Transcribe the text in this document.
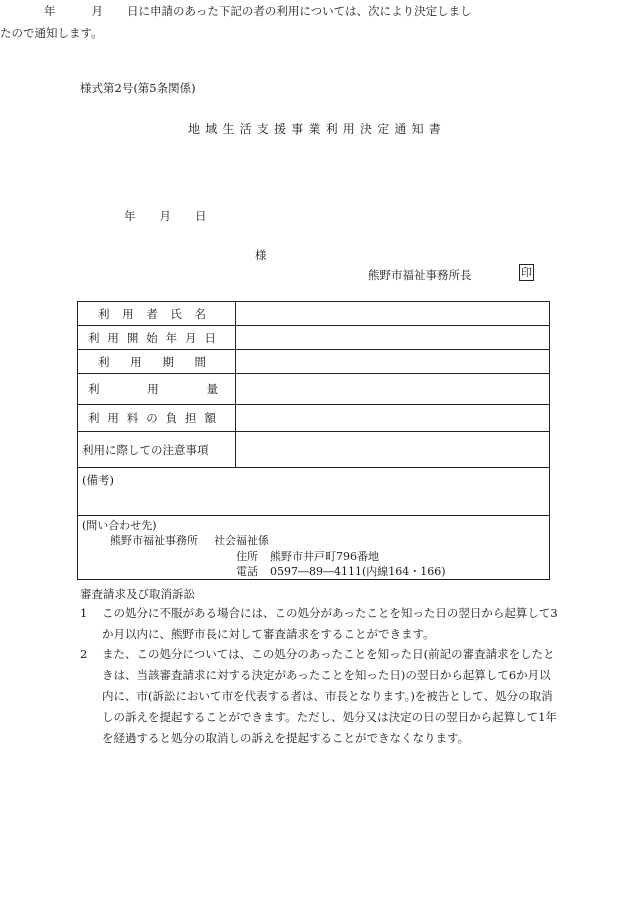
様式第2号(第5条関係)
地域生活支援事業利用決定通知書
年	月 日に申請のあった下記の者の利用については、次により決定しましたので通知します。
年 月 日
様
熊野市福祉事務所長	印
利 用 者 氏 名
利 用 開 始 年 月 日
利 用 期 間
利	用	量
利 用 料 の 負 担 額
利用に際しての注意事項
(備考)
(問い合わせ先)
熊野市福祉事務所 社会福祉係
住所 熊野市井戸町796番地
電話 0597―89―4111(内線164・166)
審査請求及び取消訴訟
1 この処分に不服がある場合には、この処分があったことを知った日の翌日から起算して3か月以内に、熊野市長に対して審査請求をすることができます。
2 また、この処分については、この処分のあったことを知った日(前記の審査請求をしたときは、当該審査請求に対する決定があったことを知った日)の翌日から起算して6か月以内に、市(訴訟において市を代表する者は、市長となります。)を被告として、処分の取消しの訴えを提起することができます。ただし、処分又は決定の日の翌日から起算して1年を経過すると処分の取消しの訴えを提起することができなくなります。
